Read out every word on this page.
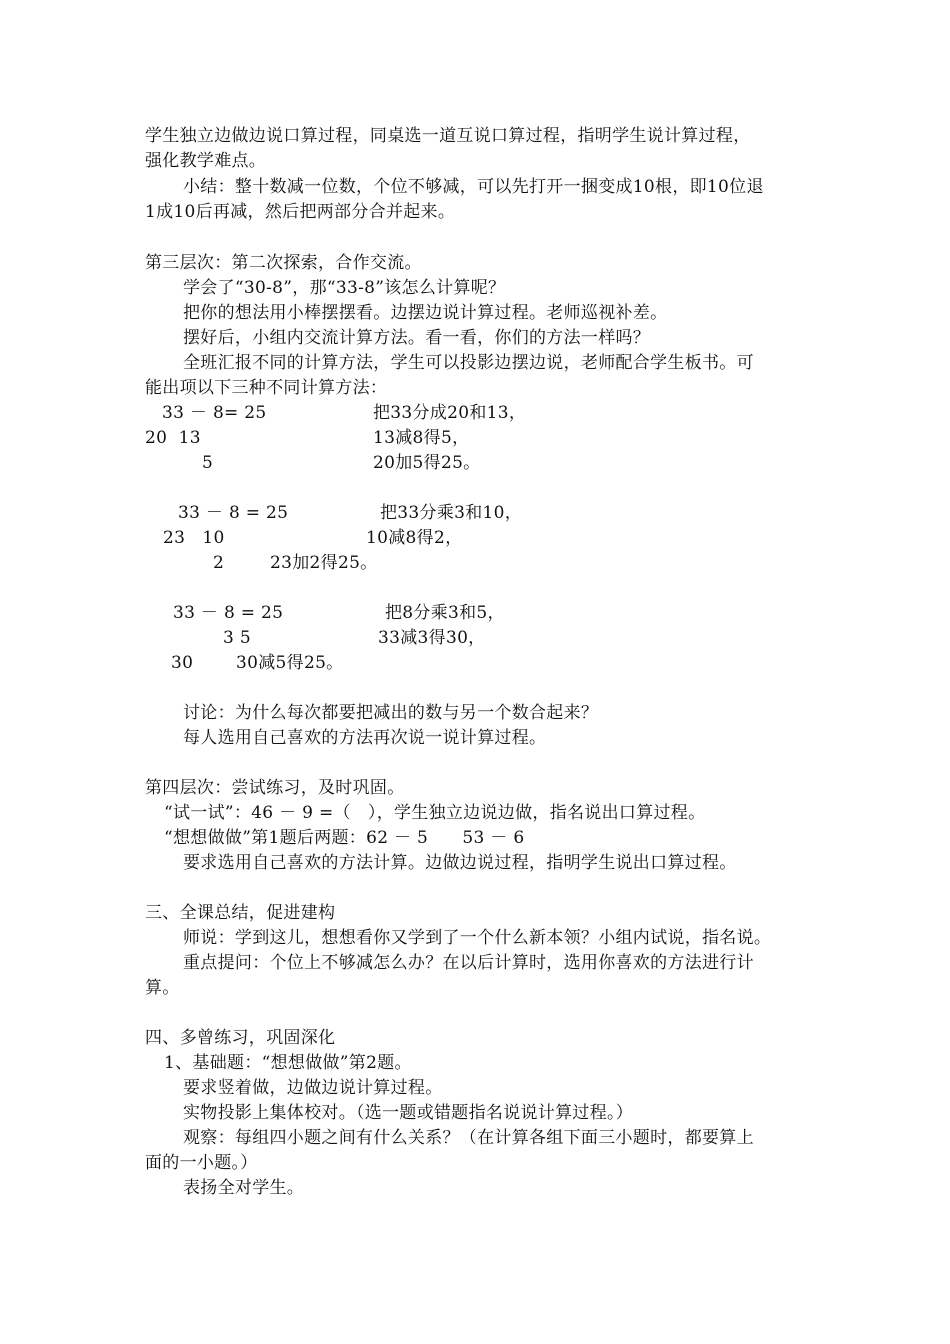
学生独立边做边说口算过程，同桌选一道互说口算过程，指明学生说计算过程，
强化教学难点。
小结：整十数减一位数，个位不够减，可以先打开一捆变成10根，即10位退
1成10后再减，然后把两部分合并起来。
第三层次：第二次探索，合作交流。
学会了“30-8”，那“33-8”该怎么计算呢？
把你的想法用小棒摆摆看。边摆边说计算过程。老师巡视补差。
摆好后，小组内交流计算方法。看一看，你们的方法一样吗？
全班汇报不同的计算方法，学生可以投影边摆边说，老师配合学生板书。可
能出项以下三种不同计算方法：
33 － 8= 25	把33分成20和13，
20  13	13减8得5，
5	20加5得25。
33 － 8 = 25	把33分乘3和10，
23   10	10减8得2，
2	23加2得25。
33 － 8 = 25	把8分乘3和5，
3 5	33减3得30，
30	30减5得25。
讨论：为什么每次都要把减出的数与另一个数合起来？
每人选用自己喜欢的方法再次说一说计算过程。
第四层次：尝试练习，及时巩固。
“试一试”：46 － 9 =（   ），学生独立边说边做，指名说出口算过程。
“想想做做”第1题后两题：62 － 5      53 － 6
要求选用自己喜欢的方法计算。边做边说过程，指明学生说出口算过程。
三、全课总结，促进建构
师说：学到这儿，想想看你又学到了一个什么新本领？小组内试说，指名说。
重点提问：个位上不够减怎么办？在以后计算时，选用你喜欢的方法进行计
算。
四、多曾练习，巩固深化
1、基础题：“想想做做”第2题。
要求竖着做，边做边说计算过程。
实物投影上集体校对。（选一题或错题指名说说计算过程。）
观察：每组四小题之间有什么关系？（在计算各组下面三小题时，都要算上
面的一小题。）
表扬全对学生。
